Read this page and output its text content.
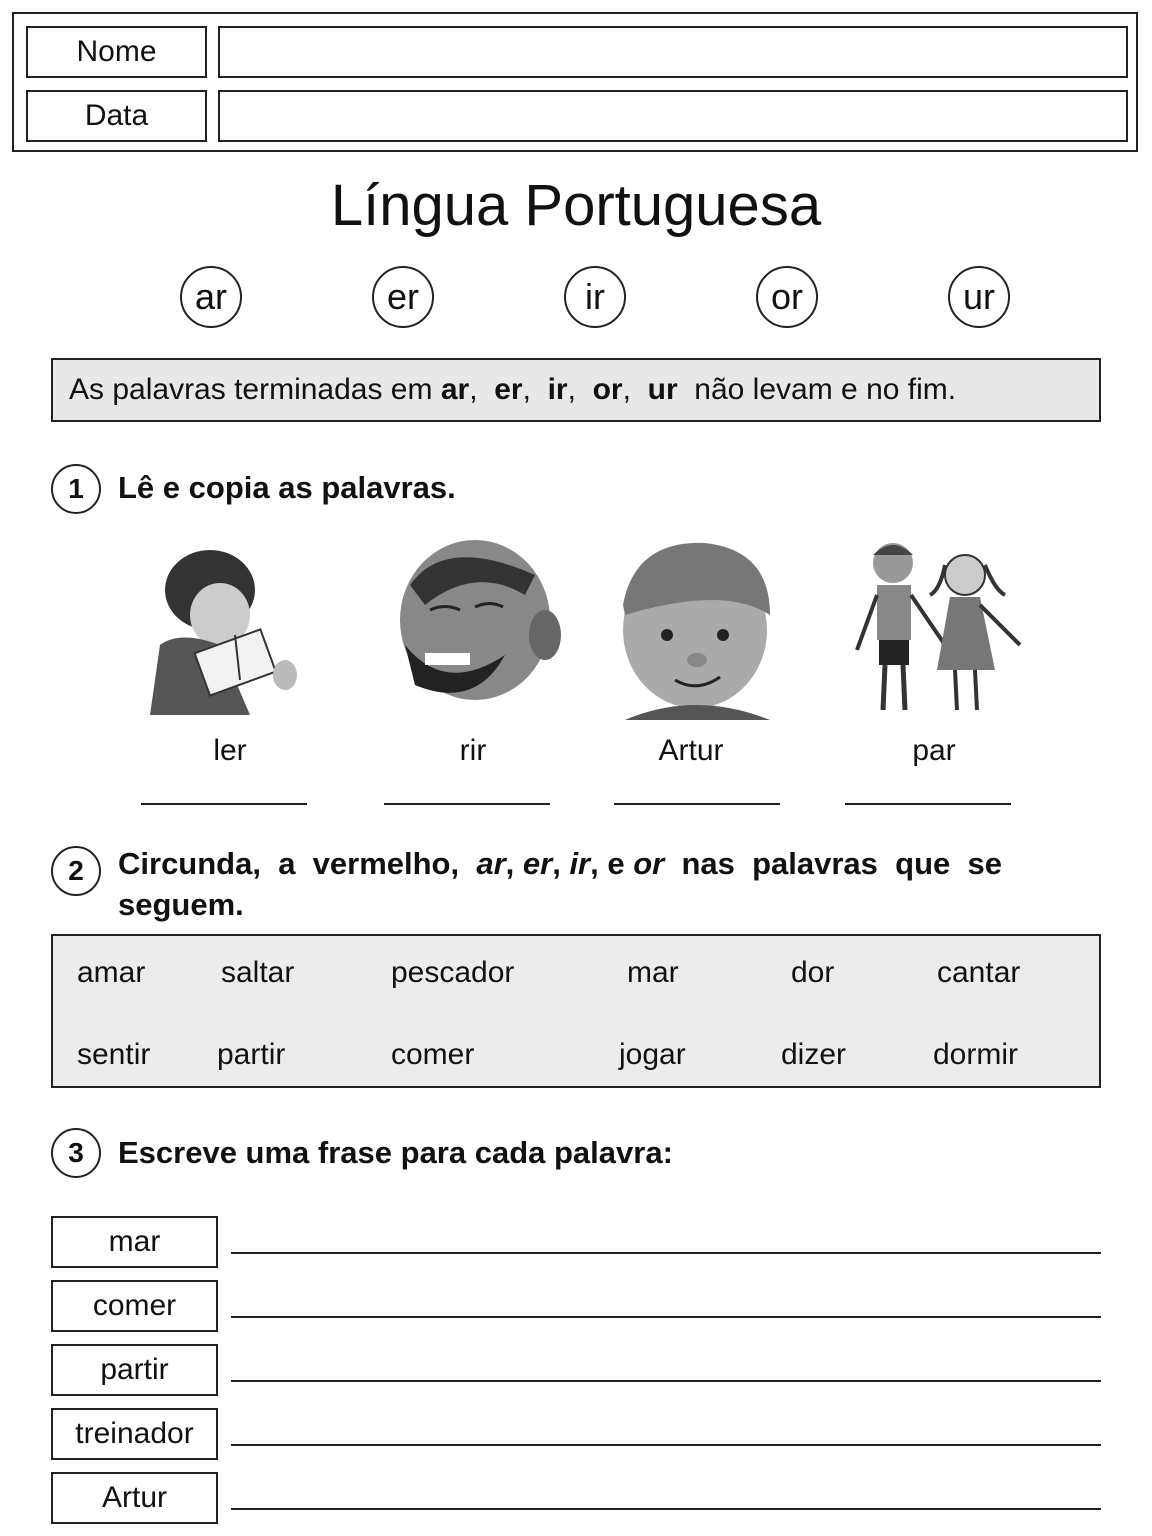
Nome
Data
Língua Portuguesa
ar	er	ir	or	ur
As palavras terminadas em ar , er , ir , or , ur não levam e no fim.
1	Lê e copia as palavras.
ler	rir	Artur	par
2	Circunda,  a  vermelho,  ar, er, ir, e or  nas  palavras  que  se
seguem.
amar	saltar	pescador	mar	dor	cantar
sentir partir	comer	jogar	dizer	dormir
3	Escreve uma frase para cada palavra:
mar
comer
partir
treinador
Artur
